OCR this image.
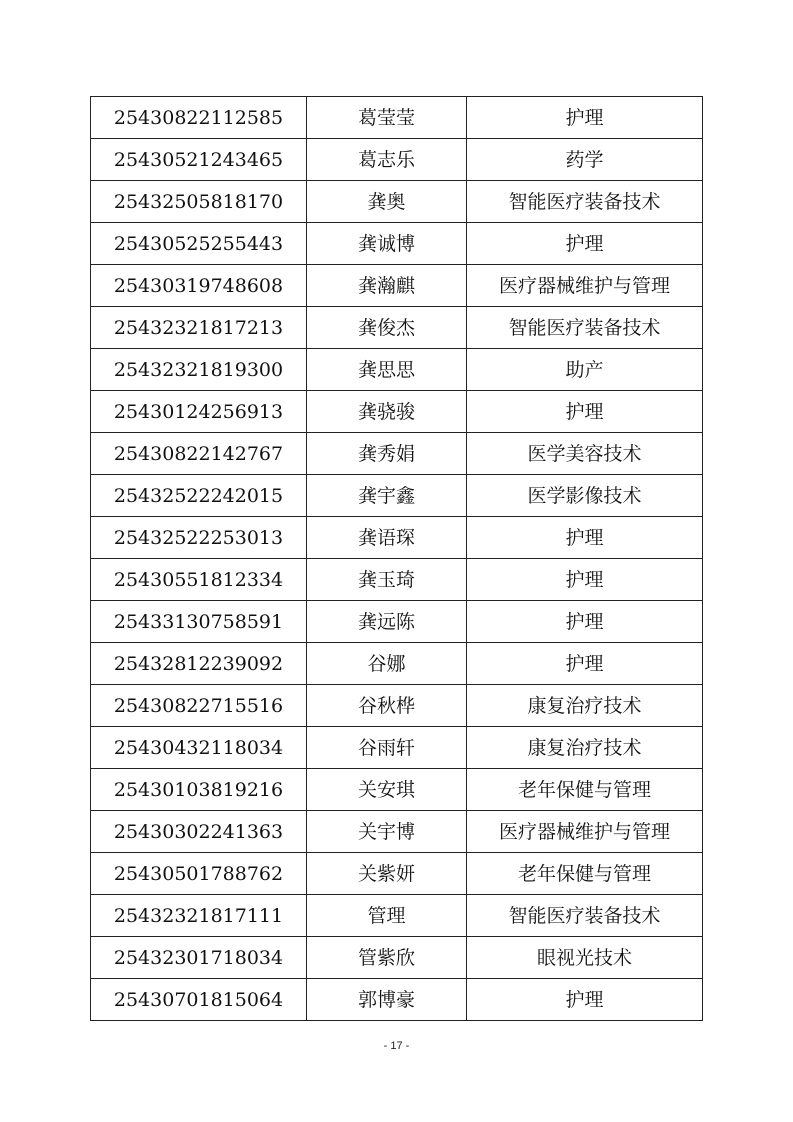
25430822112585	葛莹莹	护理
25430521243465	葛志乐	药学
25432505818170	龚奥	智能医疗装备技术
25430525255443	龚诚博	护理
25430319748608	龚瀚麒	医疗器械维护与管理
25432321817213	龚俊杰	智能医疗装备技术
25432321819300	龚思思	助产
25430124256913	龚骁骏	护理
25430822142767	龚秀娟	医学美容技术
25432522242015	龚宇鑫	医学影像技术
25432522253013	龚语琛	护理
25430551812334	龚玉琦	护理
25433130758591	龚远陈	护理
25432812239092	谷娜	护理
25430822715516	谷秋桦	康复治疗技术
25430432118034	谷雨轩	康复治疗技术
25430103819216	关安琪	老年保健与管理
25430302241363	关宇博	医疗器械维护与管理
25430501788762	关紫妍	老年保健与管理
25432321817111	管理	智能医疗装备技术
25432301718034	管紫欣	眼视光技术
25430701815064	郭博豪	护理
- 17 -
